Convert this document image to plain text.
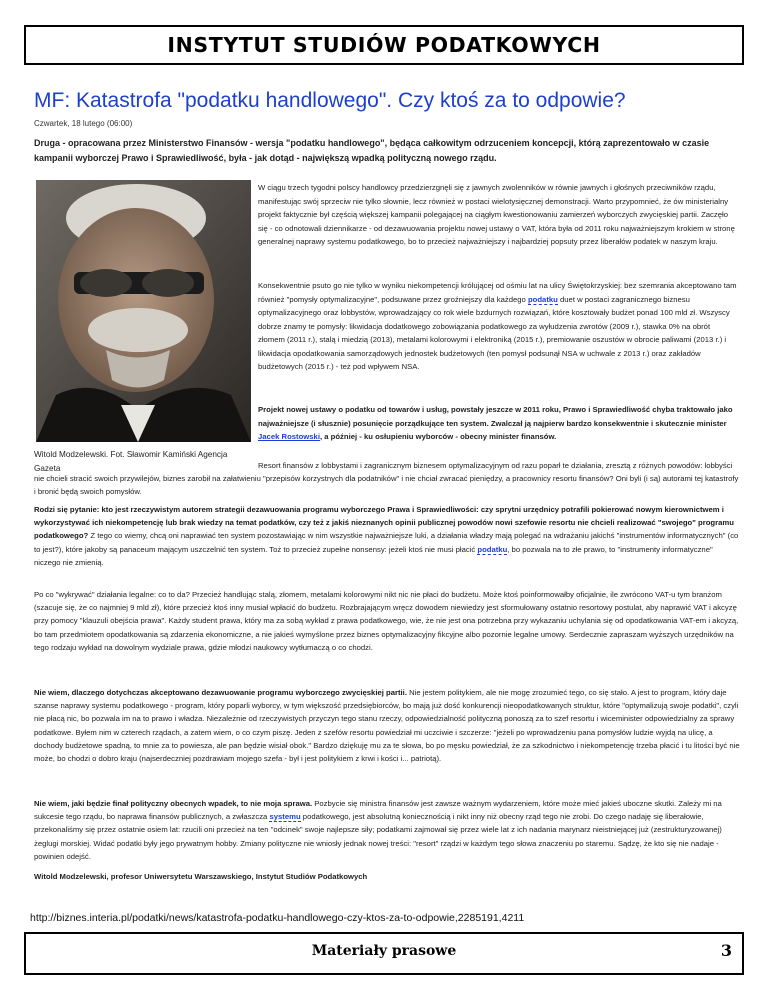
INSTYTUT STUDIÓW PODATKOWYCH
MF: Katastrofa "podatku handlowego". Czy ktoś za to odpowie?
Czwartek, 18 lutego (06:00)

Druga - opracowana przez Ministerstwo Finansów - wersja "podatku handlowego", będąca całkowitym odrzuceniem koncepcji, którą zaprezentowało w czasie kampanii wyborczej Prawo i Sprawiedliwość, była - jak dotąd - największą wpadką polityczną nowego rządu.

Witold Modzelewski. Fot. Sławomir Kamiński Agencja Gazeta

W ciągu trzech tygodni polscy handlowcy przedzierzgnęli się z jawnych zwolenników w równie jawnych i głośnych przeciwników rządu, manifestując swój sprzeciw nie tylko słownie, lecz również w postaci wielotysięcznej demonstracji. Warto przypomnieć, że ów ministerialny projekt faktycznie był częścią większej kampanii polegającej na ciągłym kwestionowaniu zamierzeń wyborczych zwycięskiej partii. Zaczęło się - co odnotowali dziennikarze - od dezawuowania projektu nowej ustawy o VAT, która była od 2011 roku najważniejszym krokiem w stronę generalnej naprawy systemu podatkowego, bo to przecież najważniejszy i najbardziej popsuty przez liberałów podatek w naszym kraju.

Konsekwentnie psuto go nie tylko w wyniku niekompetencji królującej od ośmiu lat na ulicy Świętokrzyskiej: bez szemrania akceptowano tam również "pomysły optymalizacyjne", podsuwane przez groźniejszy dla każdego podatku duet w postaci zagranicznego biznesu optymalizacyjnego oraz lobbystów, wprowadzający co rok wiele bzdurnych rozwiązań, które kosztowały budżet ponad 100 mld zł. Wszyscy dobrze znamy te pomysły: likwidacja dodatkowego zobowiązania podatkowego za wyłudzenia zwrotów (2009 r.), stawka 0% na obrót złomem (2011 r.), stalą i miedzią (2013), metalami kolorowymi i elektroniką (2015 r.), premiowanie oszustów w obrocie paliwami (2013 r.) i likwidacja opodatkowania samorządowych jednostek budżetowych (ten pomysł podsunął NSA w uchwale z 2013 r.) oraz zakładów budżetowych (2015 r.) - też pod wpływem NSA.

Projekt nowej ustawy o podatku od towarów i usług, powstały jeszcze w 2011 roku, Prawo i Sprawiedliwość chyba traktowało jako najważniejsze (i słusznie) posunięcie porządkujące ten system. Zwalczał ją najpierw bardzo konsekwentnie i skutecznie minister Jacek Rostowski, a później - ku osłupieniu wyborców - obecny minister finansów.

Resort finansów z lobbystami i zagranicznym biznesem optymalizacyjnym od razu poparł te działania, zresztą z różnych powodów: lobbyści nie chcieli stracić swoich przywilejów, biznes zarobił na załatwieniu "przepisów korzystnych dla podatników" i nie chciał zwracać pieniędzy, a pracownicy resortu finansów? Oni byli (i są) autorami tej katastrofy i bronić będą swoich pomysłów.

Rodzi się pytanie: kto jest rzeczywistym autorem strategii dezawuowania programu wyborczego Prawa i Sprawiedliwości: czy sprytni urzędnicy potrafili pokierować nowym kierownictwem i wykorzystywać ich niekompetencję lub brak wiedzy na temat podatków, czy też z jakiś nieznanych opinii publicznej powodów nowi szefowie resortu nie chcieli realizować "swojego" programu podatkowego? Z tego co wiemy, chcą oni naprawiać ten system pozostawiając w nim wszystkie najważniejsze luki, a działania władzy mają polegać na wdrażaniu jakichś "instrumentów informatycznych" (co to jest?), które jakoby są panaceum mającym uszczelnić ten system. Toż to przecież zupełne nonsensy: jeżeli ktoś nie musi płacić podatku, bo pozwala na to złe prawo, to "instrumenty informatyczne" niczego nie zmienią.

Po co "wykrywać" działania legalne: co to da? Przecież handlując stalą, złomem, metalami kolorowymi nikt nic nie płaci do budżetu. Może ktoś poinformowałby oficjalnie, ile zwrócono VAT-u tym branżom (szacuje się, że co najmniej 9 mld zł), które przecież ktoś inny musiał wpłacić do budżetu. Rozbrajającym wręcz dowodem niewiedzy jest sformułowany ostatnio resortowy postulat, aby naprawić VAT i akcyzę przy pomocy "klauzuli obejścia prawa". Każdy student prawa, który ma za sobą wykład z prawa podatkowego, wie, że nie jest ona potrzebna przy wykazaniu uchylania się od opodatkowania VAT-em i akcyzą, bo tam przedmiotem opodatkowania są zdarzenia ekonomiczne, a nie jakieś wymyślone przez biznes optymalizacyjny fikcyjne albo pozornie legalne umowy. Serdecznie zapraszam wyższych urzędników na tego rodzaju wykład na dowolnym wydziale prawa, gdzie młodzi naukowcy wytłumaczą o co chodzi.

Nie wiem, dlaczego dotychczas akceptowano dezawuowanie programu wyborczego zwycięskiej partii. Nie jestem politykiem, ale nie mogę zrozumieć tego, co się stało. A jest to program, który daje szanse naprawy systemu podatkowego - program, który poparli wyborcy, w tym większość przedsiębiorców, bo mają już dość konkurencji nieopodatkowanych struktur, które "optymalizują swoje podatki", czyli nie płacą nic, bo pozwala im na to prawo i władza. Niezależnie od rzeczywistych przyczyn tego stanu rzeczy, odpowiedzialność polityczną ponoszą za to szef resortu i wiceminister odpowiedzialny za sprawy podatkowe. Byłem nim w czterech rządach, a zatem wiem, o co czym piszę. Jeden z szefów resortu powiedział mi uczciwie i szczerze: "jeżeli po wprowadzeniu pana pomysłów ludzie wyjdą na ulicę, a dochody budżetowe spadną, to mnie za to powiesza, ale pan będzie wisiał obok." Bardzo dziękuję mu za te słowa, bo po męsku powiedział, że za szkodnictwo i niekompetencję trzeba płacić i tu litości być nie może, bo chodzi o dobro kraju (najserdeczniej pozdrawiam mojego szefa - był i jest politykiem z krwi i kości i... patriotą).

Nie wiem, jaki będzie finał polityczny obecnych wpadek, to nie moja sprawa. Pozbycie się ministra finansów jest zawsze ważnym wydarzeniem, które może mieć jakieś uboczne skutki. Zależy mi na sukcesie tego rządu, bo naprawa finansów publicznych, a zwłaszcza systemu podatkowego, jest absolutną koniecznością i nikt inny niż obecny rząd tego nie zrobi. Do czego nadaję się liberałowie, przekonaliśmy się przez ostatnie osiem lat: rzucili oni przecież na ten "odcinek" swoje najlepsze siły; podatkami zajmował się przez wiele lat z ich nadania marynarz nieistniejącej już (zestrukturyzowanej) żeglugi morskiej. Widać podatki były jego prywatnym hobby. Zmiany polityczne nie wniosły jednak nowej treści: "resort" rządzi w każdym tego słowa znaczeniu po staremu. Sądzę, że kto się nie nadaje - powinien odejść.

Witold Modzelewski, profesor Uniwersytetu Warszawskiego, Instytut Studiów Podatkowych

http://biznes.interia.pl/podatki/news/katastrofa-podatku-handlowego-czy-ktos-za-to-odpowie,2285191,4211
Materiały prasowe	3
